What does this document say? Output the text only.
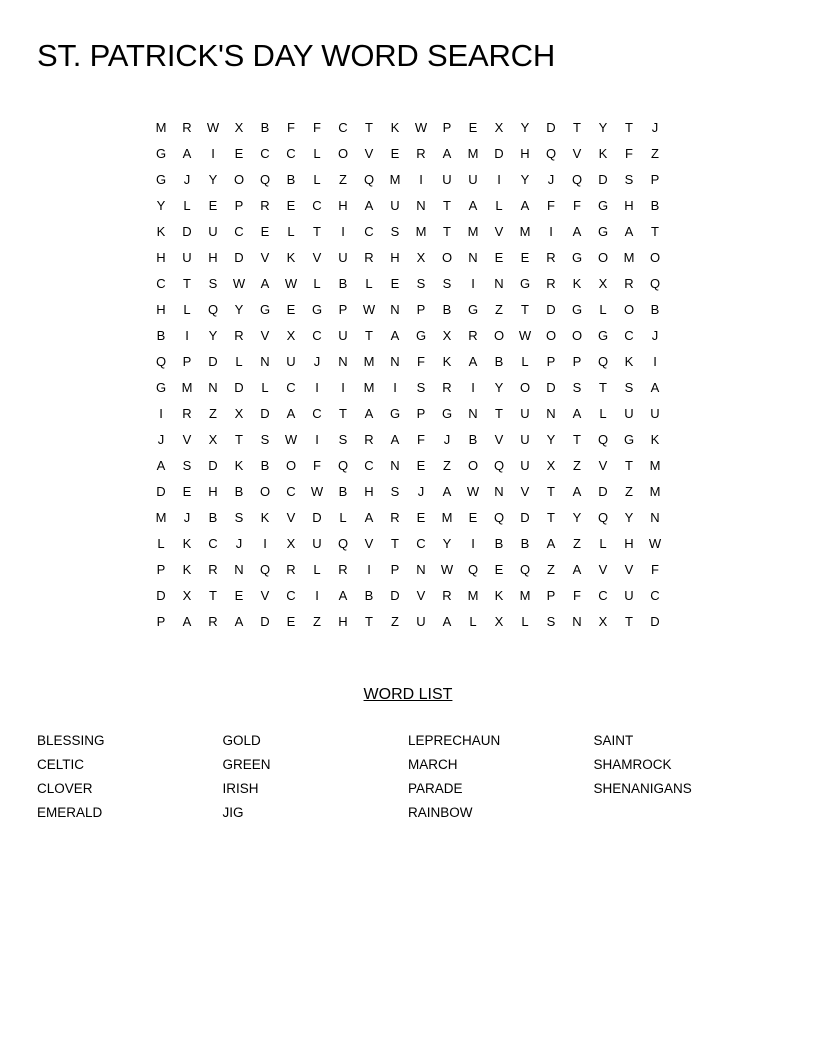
ST. PATRICK'S DAY WORD SEARCH
M	R	W	X	B	F	F	C	T	K	W	P	E	X	Y	D	T	Y	T	J
G	A	I	E	C	C	L	O	V	E	R	A	M	D	H	Q	V	K	F	Z
G	J	Y	O	Q	B	L	Z	Q	M	I	U	U	I	Y	J	Q	D	S	P
Y	L	E	P	R	E	C	H	A	U	N	T	A	L	A	F	F	G	H	B
K	D	U	C	E	L	T	I	C	S	M	T	M	V	M	I	A	G	A	T
H	U	H	D	V	K	V	U	R	H	X	O	N	E	E	R	G	O	M	O
C	T	S	W	A	W	L	B	L	E	S	S	I	N	G	R	K	X	R	Q
H	L	Q	Y	G	E	G	P	W	N	P	B	G	Z	T	D	G	L	O	B
B	I	Y	R	V	X	C	U	T	A	G	X	R	O	W	O	O	G	C	J
Q	P	D	L	N	U	J	N	M	N	F	K	A	B	L	P	P	Q	K	I
G	M	N	D	L	C	I	I	M	I	S	R	I	Y	O	D	S	T	S	A
I	R	Z	X	D	A	C	T	A	G	P	G	N	T	U	N	A	L	U	U
J	V	X	T	S	W	I	S	R	A	F	J	B	V	U	Y	T	Q	G	K
A	S	D	K	B	O	F	Q	C	N	E	Z	O	Q	U	X	Z	V	T	M
D	E	H	B	O	C	W	B	H	S	J	A	W	N	V	T	A	D	Z	M
M	J	B	S	K	V	D	L	A	R	E	M	E	Q	D	T	Y	Q	Y	N
L	K	C	J	I	X	U	Q	V	T	C	Y	I	B	B	A	Z	L	H	W
P	K	R	N	Q	R	L	R	I	P	N	W	Q	E	Q	Z	A	V	V	F
D	X	T	E	V	C	I	A	B	D	V	R	M	K	M	P	F	C	U	C
P	A	R	A	D	E	Z	H	T	Z	U	A	L	X	L	S	N	X	T	D
WORD LIST
BLESSING
CELTIC
CLOVER
EMERALD
GOLD
GREEN
IRISH
JIG
LEPRECHAUN
MARCH
PARADE
RAINBOW
SAINT
SHAMROCK
SHENANIGANS
